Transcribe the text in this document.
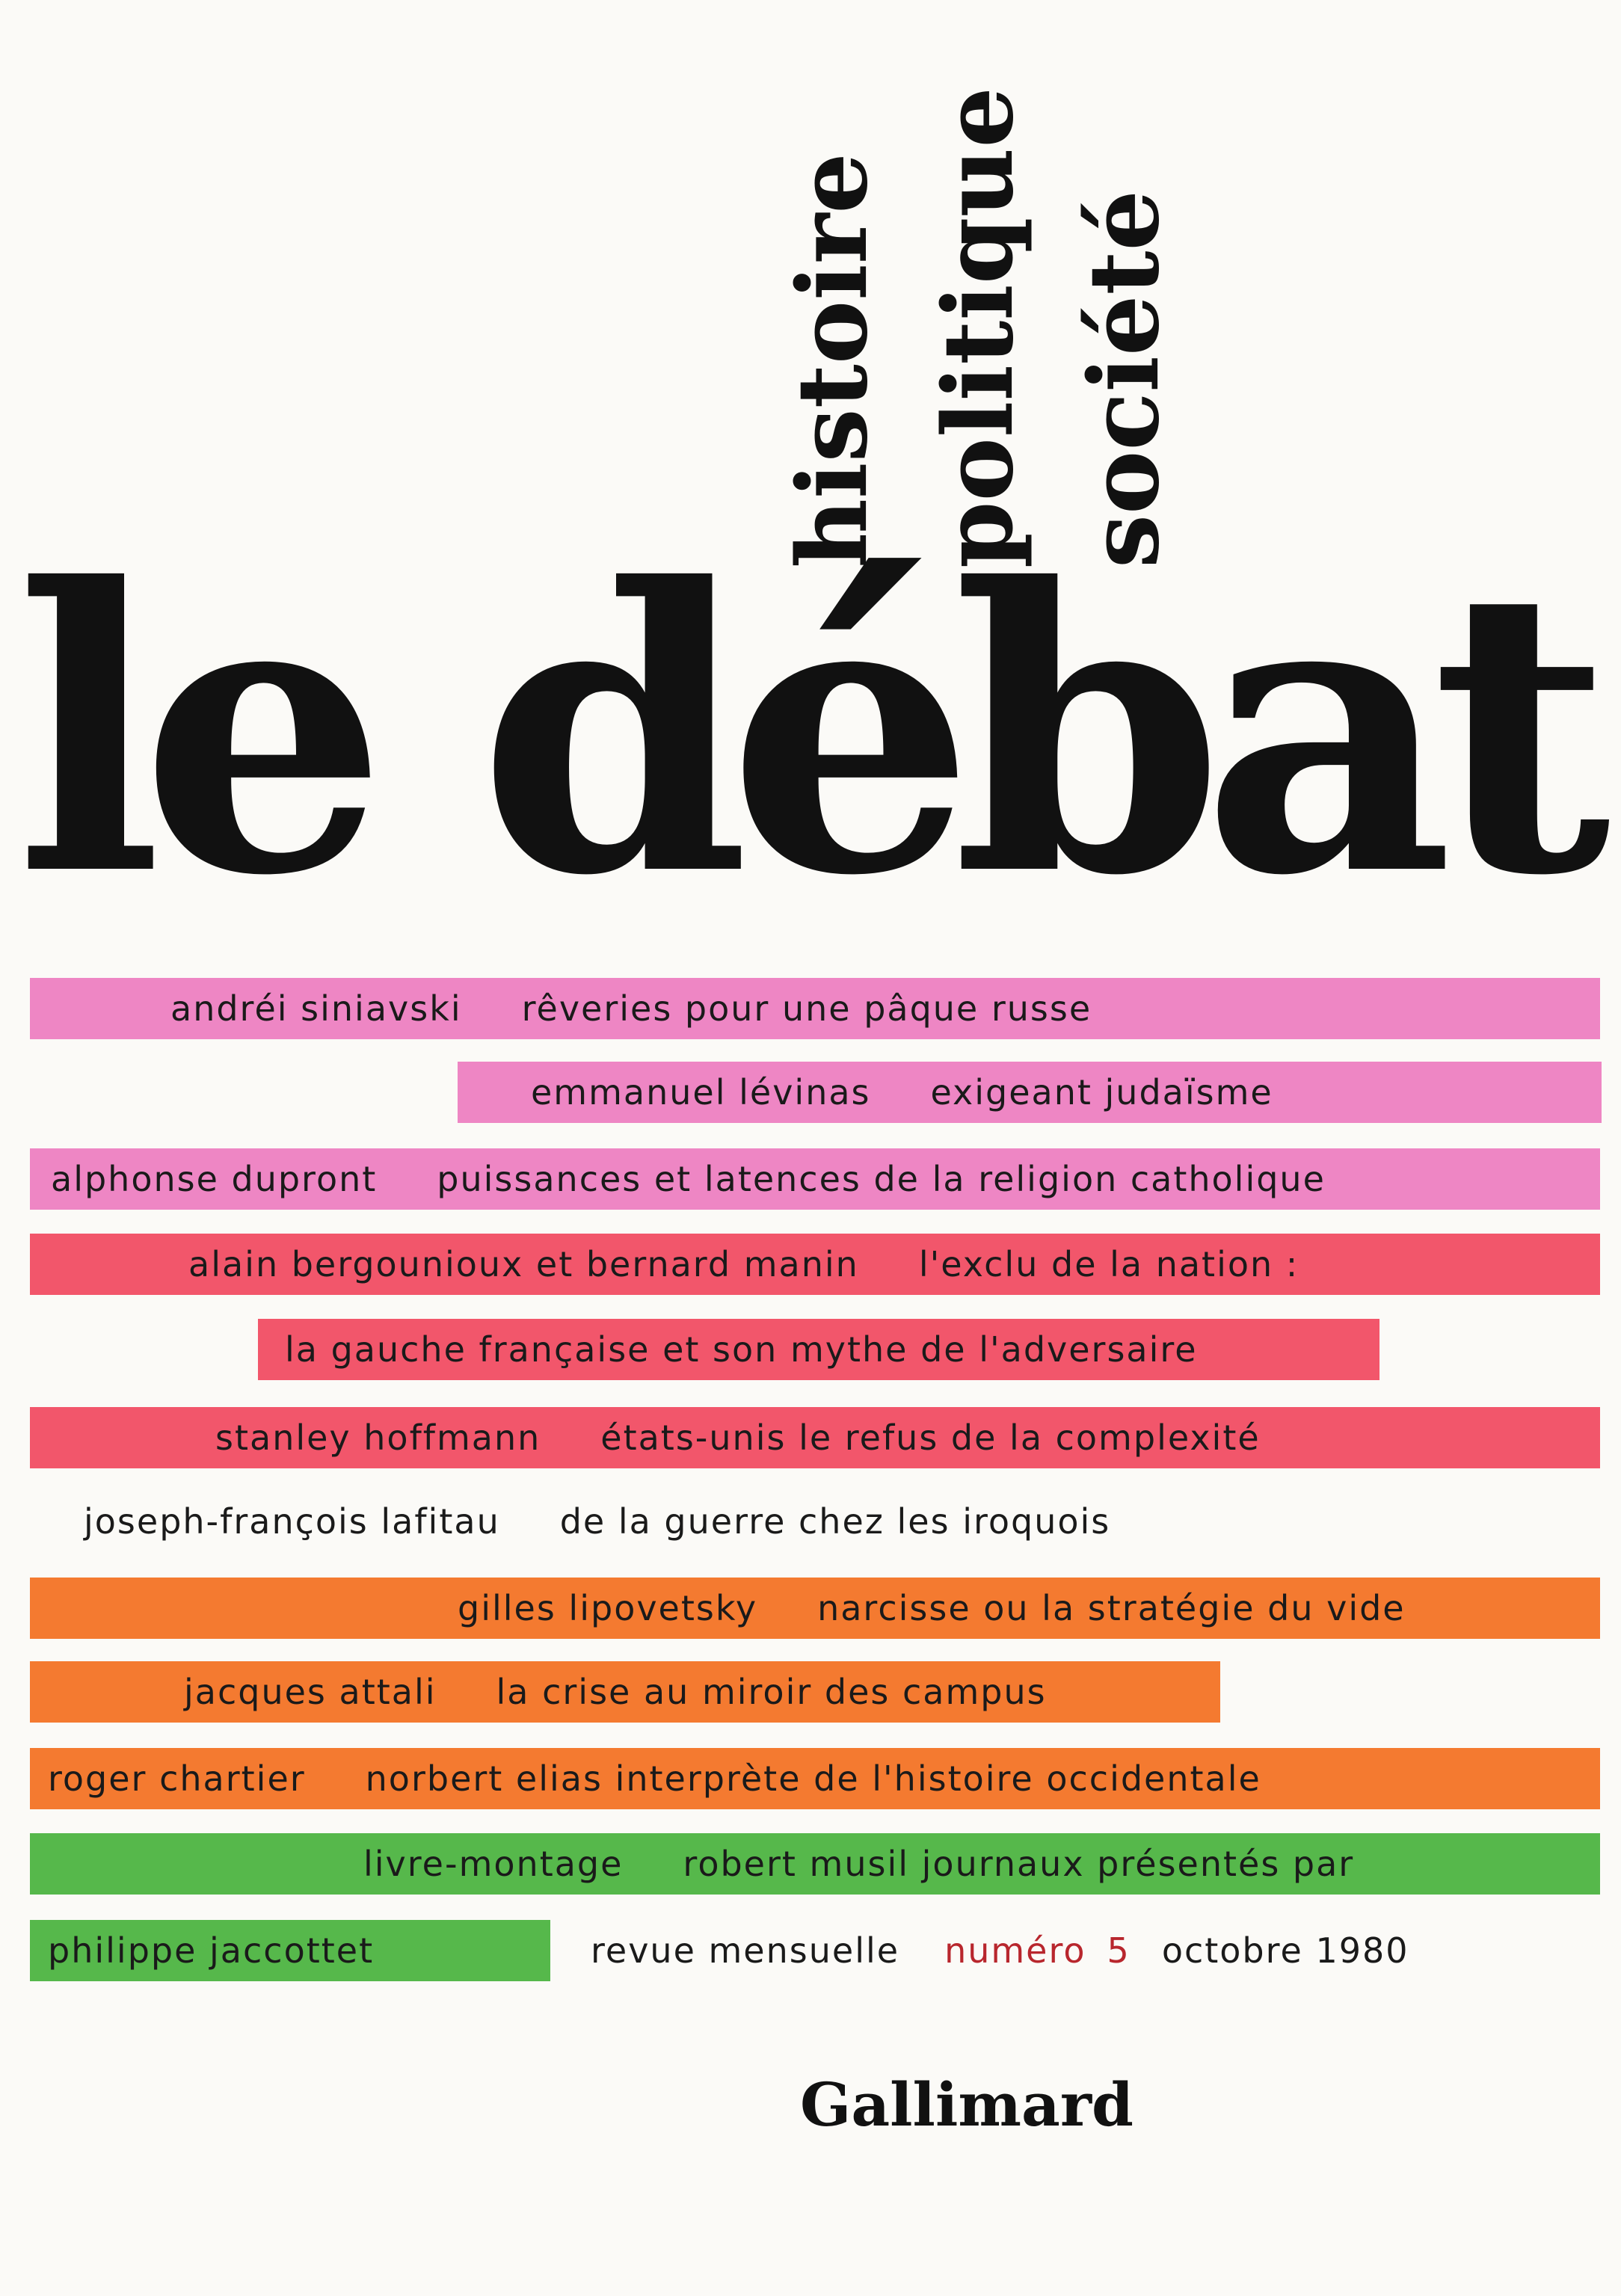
histoire politique société
le débat
andréi siniavski rêveries pour une pâque russe
emmanuel lévinas exigeant judaïsme
alphonse dupront puissances et latences de la religion catholique
alain bergounioux et bernard manin l'exclu de la nation :
la gauche française et son mythe de l'adversaire
stanley hoffmann états-unis le refus de la complexité
joseph-françois lafitau de la guerre chez les iroquois
gilles lipovetsky narcisse ou la stratégie du vide
jacques attali la crise au miroir des campus
roger chartier norbert elias interprète de l'histoire occidentale
livre-montage robert musil journaux présentés par
philippe jaccottet	revue mensuelle numéro 5 octobre 1980
Gallimard
